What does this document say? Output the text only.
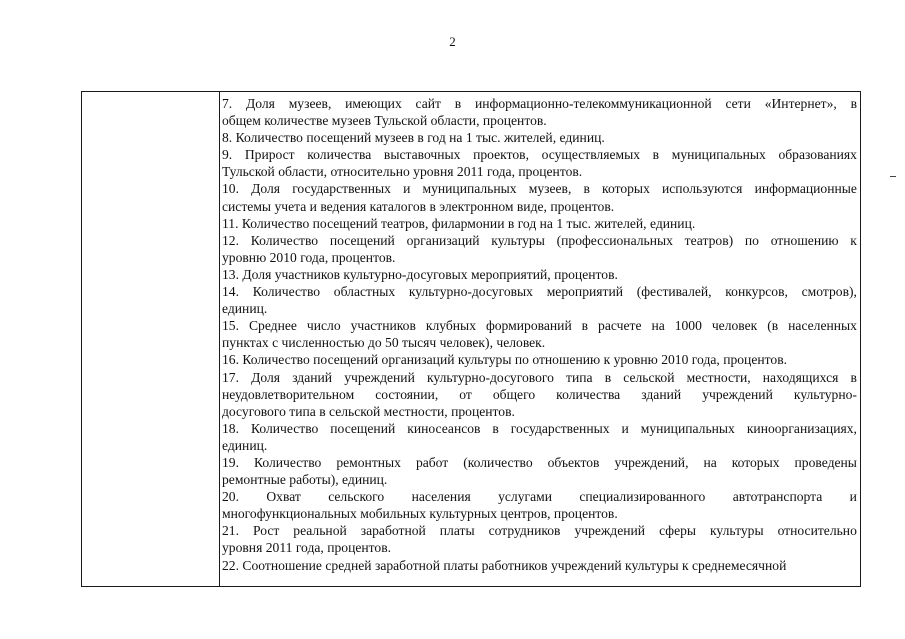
2
7. Доля музеев, имеющих сайт в информационно-телекоммуникационной сети «Интернет», в
общем количестве музеев Тульской области, процентов.
8. Количество посещений музеев в год на 1 тыс. жителей, единиц.
9. Прирост количества выставочных проектов, осуществляемых в муниципальных образованиях
Тульской области, относительно уровня 2011 года, процентов.
10. Доля государственных и муниципальных музеев, в которых используются информационные
системы учета и ведения каталогов в электронном виде, процентов.
11. Количество посещений театров, филармонии в год на 1 тыс. жителей, единиц.
12. Количество посещений организаций культуры (профессиональных театров) по отношению к
уровню 2010 года, процентов.
13. Доля участников культурно-досуговых мероприятий, процентов.
14. Количество областных культурно-досуговых мероприятий (фестивалей, конкурсов, смотров),
единиц.
15. Среднее число участников клубных формирований в расчете на 1000 человек (в населенных
пунктах с численностью до 50 тысяч человек), человек.
16. Количество посещений организаций культуры по отношению к уровню 2010 года, процентов.
17. Доля зданий учреждений культурно-досугового типа в сельской местности, находящихся в
неудовлетворительном состоянии, от общего количества зданий учреждений культурно-
досугового типа в сельской местности, процентов.
18. Количество посещений киносеансов в государственных и муниципальных киноорганизациях,
единиц.
19. Количество ремонтных работ (количество объектов учреждений, на которых проведены
ремонтные работы), единиц.
20. Охват сельского населения услугами специализированного автотранспорта и
многофункциональных мобильных культурных центров, процентов.
21. Рост реальной заработной платы сотрудников учреждений сферы культуры относительно
уровня 2011 года, процентов.
22. Соотношение средней заработной платы работников учреждений культуры к среднемесячной
